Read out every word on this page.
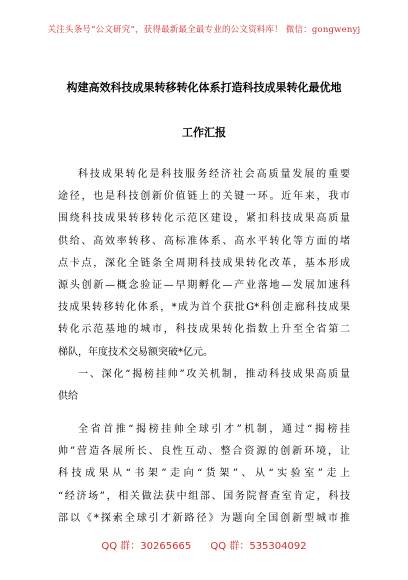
关注头条号“公文研究”，获得最新最全最专业的公文资料库！ 微信：gongwenyj
构建高效科技成果转移转化体系打造科技成果转化最优地
工作汇报
科技成果转化是科技服务经济社会高质量发展的重要
途径，也是科技创新价值链上的关键一环。近年来，我市
围绕科技成果转移转化示范区建设，紧扣科技成果高质量
供给、高效率转移、高标准体系、高水平转化等方面的堵
点卡点，深化全链条全周期科技成果转化改革，基本形成
源头创新—概念验证—早期孵化—产业落地—发展加速科
技成果转移转化体系，*成为首个获批G*科创走廊科技成果
转化示范基地的城市，科技成果转化指数上升至全省第二
梯队，年度技术交易额突破*亿元。
一、深化“揭榜挂帅”攻关机制，推动科技成果高质量
供给
全省首推“揭榜挂帅全球引才”机制，通过“揭榜挂
帅”营造各展所长、良性互动、整合资源的创新环境，让
科技成果从“书架”走向“货架”、从“实验室”走上
“经济场”，相关做法获中组部、国务院督查室肯定，科技
部以《*探索全球引才新路径》为题向全国创新型城市推
QQ 群：30265665 QQ 群：535304092
